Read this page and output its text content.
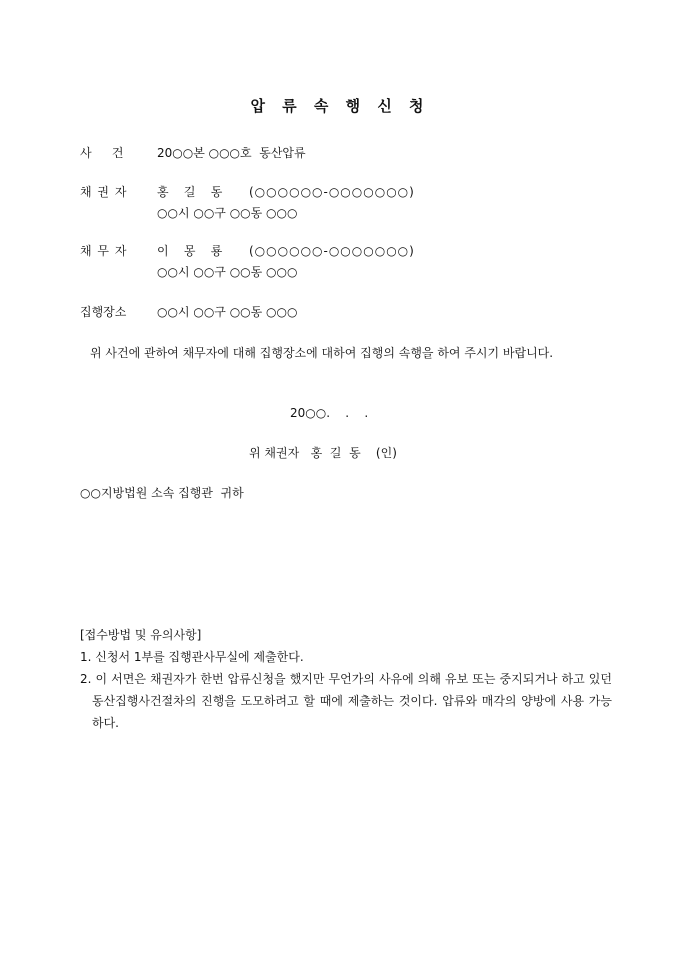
압 류 속 행 신 청
사    건	20○○본 ○○○호  동산압류
채 권 자 홍    길    동 (○○○○○○-○○○○○○○)
○○시 ○○구 ○○동 ○○○
채 무 자 이    몽    룡 (○○○○○○-○○○○○○○)
○○시 ○○구 ○○동 ○○○
집행장소	○○시 ○○구 ○○동 ○○○
위 사건에 관하여 채무자에 대해 집행장소에 대하여 집행의 속행을 하여 주시기 바랍니다.
20○○.    .    .
위 채권자   홍  길  동    (인)
○○지방법원 소속 집행관  귀하
[접수방법 및 유의사항]
1. 신청서 1부를 집행관사무실에 제출한다.
2. 이 서면은 채권자가 한번 압류신청을 했지만 무언가의 사유에 의해 유보 또는 중지되거나 하고 있던 동산집행사건절차의 진행을 도모하려고 할 때에 제출하는 것이다. 압류와 매각의 양방에 사용 가능하다.
